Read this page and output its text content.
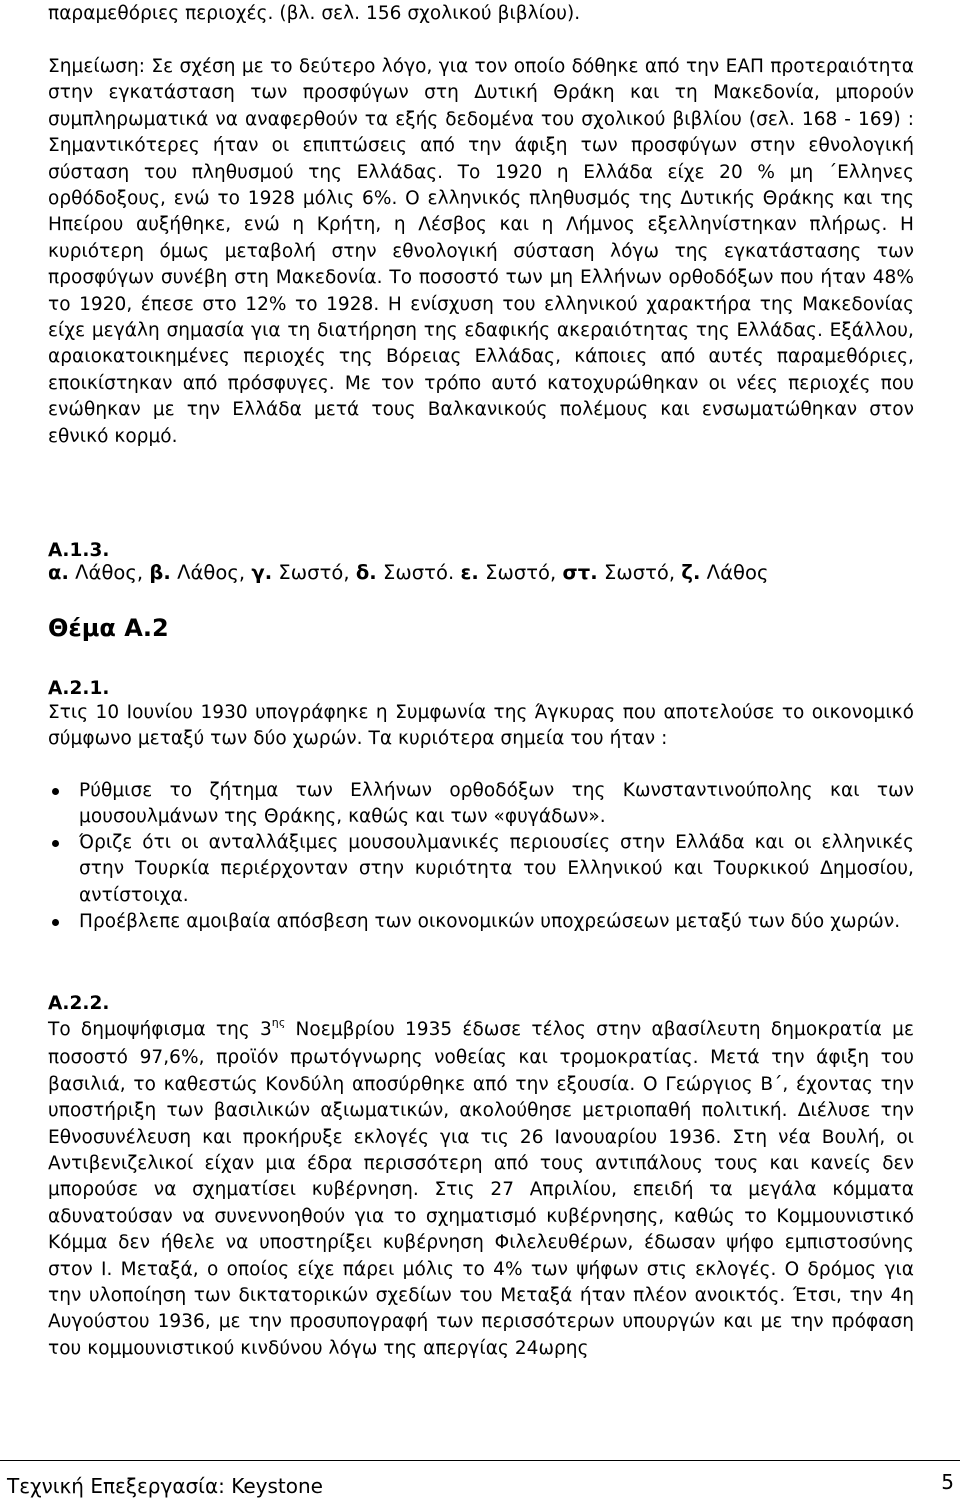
παραμεθόριες περιοχές. (βλ. σελ. 156 σχολικού βιβλίου).

Σημείωση: Σε σχέση με το δεύτερο λόγο, για τον οποίο δόθηκε από την ΕΑΠ προτεραιότητα στην εγκατάσταση των προσφύγων στη Δυτική Θράκη και τη Μακεδονία, μπορούν συμπληρωματικά να αναφερθούν τα εξής δεδομένα του σχολικού βιβλίου (σελ. 168 - 169) : Σημαντικότερες ήταν οι επιπτώσεις από την άφιξη των προσφύγων στην εθνολογική σύσταση του πληθυσμού της Ελλάδας. Το 1920 η Ελλάδα είχε 20 % μη ΄Ελληνες ορθόδοξους, ενώ το 1928 μόλις 6%. Ο ελληνικός πληθυσμός της Δυτικής Θράκης και της Ηπείρου αυξήθηκε, ενώ η Κρήτη, η Λέσβος και η Λήμνος εξελληνίστηκαν πλήρως. Η κυριότερη όμως μεταβολή στην εθνολογική σύσταση λόγω της εγκατάστασης των προσφύγων συνέβη στη Μακεδονία. Το ποσοστό των μη Ελλήνων ορθοδόξων που ήταν 48% το 1920, έπεσε στο 12% το 1928. Η ενίσχυση του ελληνικού χαρακτήρα της Μακεδονίας είχε μεγάλη σημασία για τη διατήρηση της εδαφικής ακεραιότητας της Ελλάδας. Εξάλλου, αραιοκατοικημένες περιοχές της Βόρειας Ελλάδας, κάποιες από αυτές παραμεθόριες, εποικίστηκαν από πρόσφυγες. Με τον τρόπο αυτό κατοχυρώθηκαν οι νέες περιοχές που ενώθηκαν με την Ελλάδα μετά τους Βαλκανικούς πολέμους και ενσωματώθηκαν στον εθνικό κορμό.

Α.1.3.

α. Λάθος, β. Λάθος, γ. Σωστό, δ. Σωστό. ε. Σωστό, στ. Σωστό, ζ. Λάθος

Θέμα Α.2

Α.2.1.

Στις 10 Ιουνίου 1930 υπογράφηκε η Συμφωνία της Άγκυρας που αποτελούσε το οικονομικό σύμφωνο μεταξύ των δύο χωρών. Τα κυριότερα σημεία του ήταν :

Ρύθμισε το ζήτημα των Ελλήνων ορθοδόξων της Κωνσταντινούπολης και των μουσουλμάνων της Θράκης, καθώς και των «φυγάδων».

Όριζε ότι οι ανταλλάξιμες μουσουλμανικές περιουσίες στην Ελλάδα και οι ελληνικές στην Τουρκία περιέρχονταν στην κυριότητα του Ελληνικού και Τουρκικού Δημοσίου, αντίστοιχα.

Προέβλεπε αμοιβαία απόσβεση των οικονομικών υποχρεώσεων μεταξύ των δύο χωρών.

Α.2.2.

Το δημοψήφισμα της $3^{\eta\varsigma}$ Νοεμβρίου 1935 έδωσε τέλος στην αβασίλευτη δημοκρατία με ποσοστό 97,6%, προϊόν πρωτόγνωρης νοθείας και τρομοκρατίας. Μετά την άφιξη του βασιλιά, το καθεστώς Κονδύλη αποσύρθηκε από την εξουσία. Ο Γεώργιος Β΄, έχοντας την υποστήριξη των βασιλικών αξιωματικών, ακολούθησε μετριοπαθή πολιτική. Διέλυσε την Εθνοσυνέλευση και προκήρυξε εκλογές για τις 26 Ιανουαρίου 1936. Στη νέα Βουλή, οι Αντιβενιζελικοί είχαν μια έδρα περισσότερη από τους αντιπάλους τους και κανείς δεν μπορούσε να σχηματίσει κυβέρνηση. Στις 27 Απριλίου, επειδή τα μεγάλα κόμματα αδυνατούσαν να συνεννοηθούν για το σχηματισμό κυβέρνησης, καθώς το Κομμουνιστικό Κόμμα δεν ήθελε να υποστηρίξει κυβέρνηση Φιλελευθέρων, έδωσαν ψήφο εμπιστοσύνης στον Ι. Μεταξά, ο οποίος είχε πάρει μόλις το 4% των ψήφων στις εκλογές. Ο δρόμος για την υλοποίηση των δικτατορικών σχεδίων του Μεταξά ήταν πλέον ανοικτός. Έτσι, την 4η Αυγούστου 1936, με την προσυπογραφή των περισσότερων υπουργών και με την πρόφαση του κομμουνιστικού κινδύνου λόγω της απεργίας 24ωρης

Τεχνική Επεξεργασία: Keystone	5
